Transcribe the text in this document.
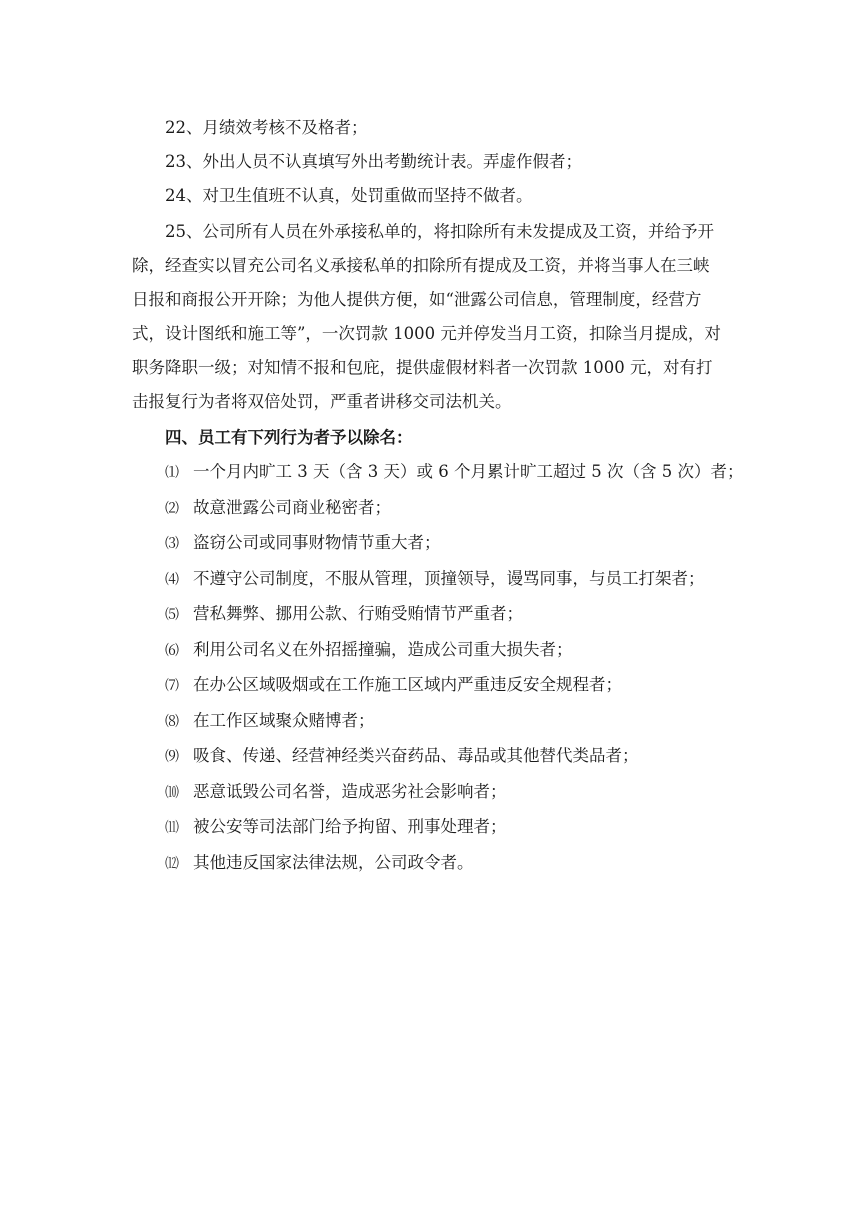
22、月绩效考核不及格者；

23、外出人员不认真填写外出考勤统计表。弄虚作假者；

24、对卫生值班不认真，处罚重做而坚持不做者。

25、公司所有人员在外承接私单的，将扣除所有未发提成及工资，并给予开
除，经查实以冒充公司名义承接私单的扣除所有提成及工资，并将当事人在三峡
日报和商报公开开除；为他人提供方便，如“泄露公司信息，管理制度，经营方
式，设计图纸和施工等”，一次罚款 1000 元并停发当月工资，扣除当月提成，对
职务降职一级；对知情不报和包庇，提供虚假材料者一次罚款 1000 元，对有打
击报复行为者将双倍处罚，严重者讲移交司法机关。

四、员工有下列行为者予以除名：

⑴ 一个月内旷工 3 天（含 3 天）或 6 个月累计旷工超过 5 次（含 5 次）者；
⑵ 故意泄露公司商业秘密者；
⑶ 盗窃公司或同事财物情节重大者；
⑷ 不遵守公司制度，不服从管理，顶撞领导，谩骂同事，与员工打架者；
⑸ 营私舞弊、挪用公款、行贿受贿情节严重者；
⑹ 利用公司名义在外招摇撞骗，造成公司重大损失者；
⑺ 在办公区域吸烟或在工作施工区域内严重违反安全规程者；
⑻ 在工作区域聚众赌博者；
⑼ 吸食、传递、经营神经类兴奋药品、毒品或其他替代类品者；
⑽ 恶意诋毁公司名誉，造成恶劣社会影响者；
⑾ 被公安等司法部门给予拘留、刑事处理者；
⑿ 其他违反国家法律法规，公司政令者。
